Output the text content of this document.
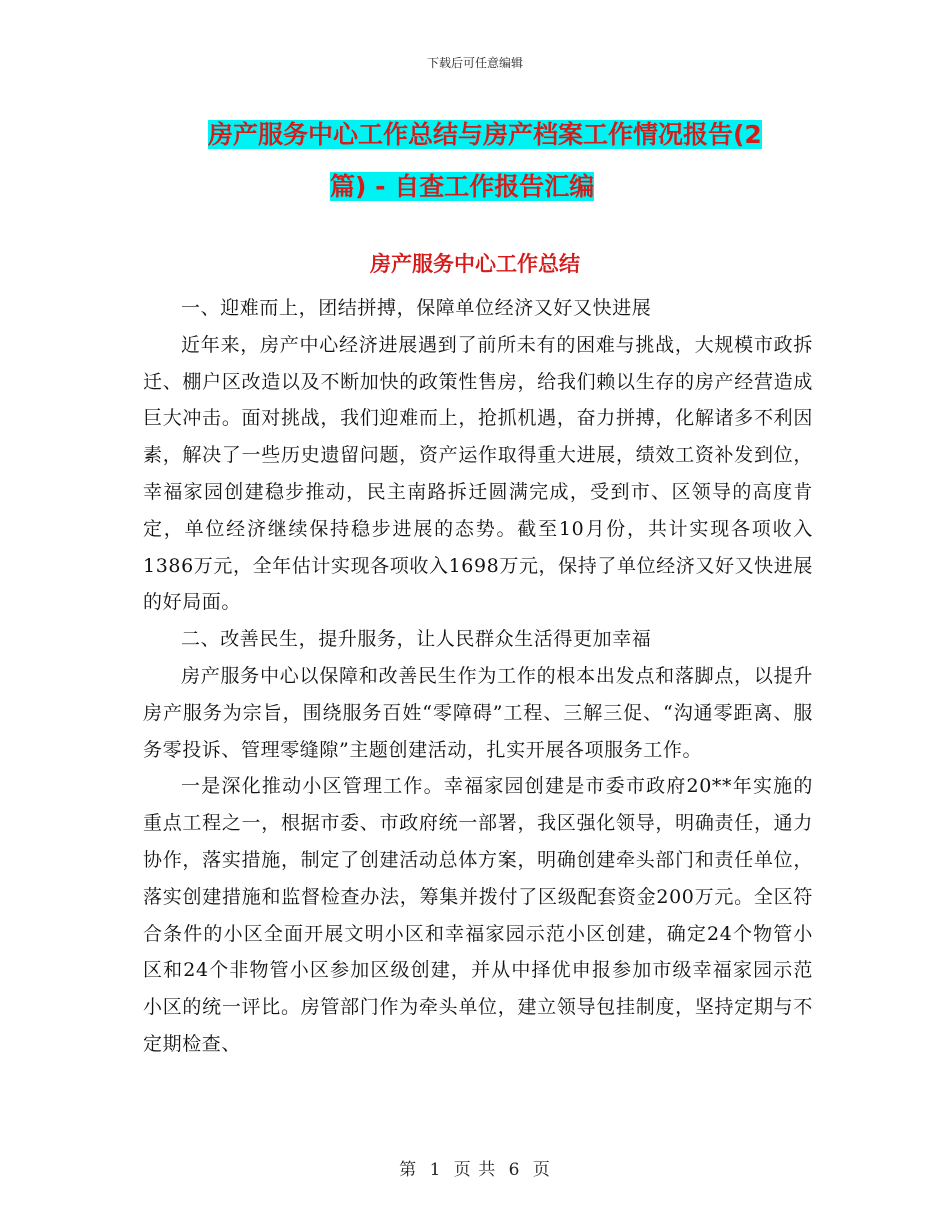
下载后可任意编辑
房产服务中心工作总结与房产档案工作情况报告(2
篇) - 自查工作报告汇编
房产服务中心工作总结

一、迎难而上，团结拼搏，保障单位经济又好又快进展

近年来，房产中心经济进展遇到了前所未有的困难与挑战，大规模市政拆迁、棚户区改造以及不断加快的政策性售房，给我们赖以生存的房产经营造成巨大冲击。面对挑战，我们迎难而上，抢抓机遇，奋力拼搏，化解诸多不利因素，解决了一些历史遗留问题，资产运作取得重大进展，绩效工资补发到位，幸福家园创建稳步推动，民主南路拆迁圆满完成，受到市、区领导的高度肯定，单位经济继续保持稳步进展的态势。截至10月份，共计实现各项收入1386万元，全年估计实现各项收入1698万元，保持了单位经济又好又快进展的好局面。

二、改善民生，提升服务，让人民群众生活得更加幸福

房产服务中心以保障和改善民生作为工作的根本出发点和落脚点，以提升房产服务为宗旨，围绕服务百姓“零障碍”工程、三解三促、“沟通零距离、服务零投诉、管理零缝隙”主题创建活动，扎实开展各项服务工作。

一是深化推动小区管理工作。幸福家园创建是市委市政府20**年实施的重点工程之一，根据市委、市政府统一部署，我区强化领导，明确责任，通力协作，落实措施，制定了创建活动总体方案，明确创建牵头部门和责任单位，落实创建措施和监督检查办法，筹集并拨付了区级配套资金200万元。全区符合条件的小区全面开展文明小区和幸福家园示范小区创建，确定24个物管小区和24个非物管小区参加区级创建，并从中择优申报参加市级幸福家园示范小区的统一评比。房管部门作为牵头单位，建立领导包挂制度，坚持定期与不定期检查、

第 1 页 共 6 页
